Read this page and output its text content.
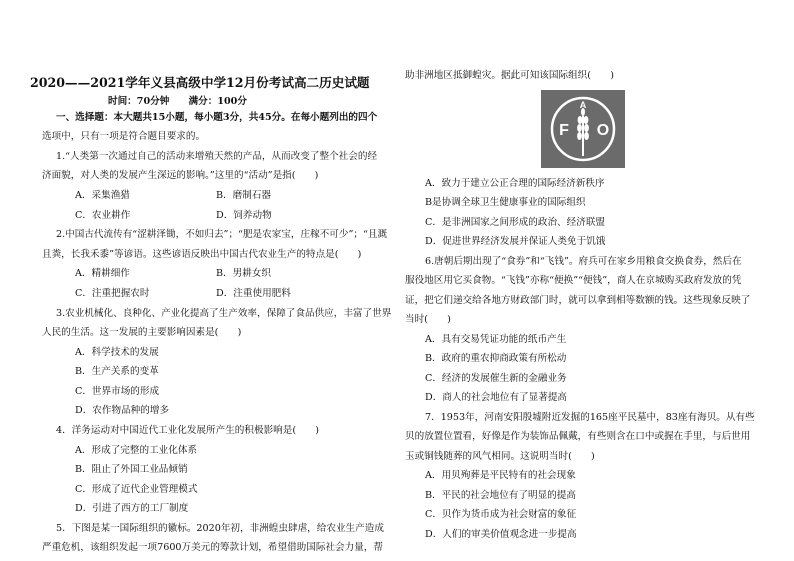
2020——2021学年义县高级中学12月份考试高二历史试题
时间：70分钟　　满分：100分
一、选择题：本大题共15小题，每小题3分，共45分。在每小题列出的四个
选项中，只有一项是符合题目要求的。
1.“人类第一次通过自己的活动来增殖天然的产品，从而改变了整个社会的经
济面貌，对人类的发展产生深远的影响。”这里的“活动”是指(　　)
A．采集渔猎	B．磨制石器
C．农业耕作	D．饲养动物
2.中国古代流传有“涩耕泽锄，不如归去”；“肥是农家宝，庄稼不可少”；“且溉
且粪，长我禾黍”等谚语。这些谚语反映出中国古代农业生产的特点是(　　)
A．精耕细作	B．男耕女织
C．注重把握农时	D．注重使用肥料
3.农业机械化、良种化、产业化提高了生产效率，保障了食品供应，丰富了世界
人民的生活。这一发展的主要影响因素是(　　)
A．科学技术的发展
B．生产关系的变革
C．世界市场的形成
D．农作物品种的增多
4．洋务运动对中国近代工业化发展所产生的积极影响是(　　)
A．形成了完整的工业化体系
B．阻止了外国工业品倾销
C．形成了近代企业管理模式
D．引进了西方的工厂制度
5．下图是某一国际组织的徽标。2020年初，非洲蝗虫肆虐，给农业生产造成
严重危机，该组织发起一项7600万美元的筹款计划，希望借助国际社会力量，帮
助非洲地区抵御蝗灾。据此可知该国际组织(　　)
F
A
O
A．致力于建立公正合理的国际经济新秩序
B是协调全球卫生健康事业的国际组织
C．是非洲国家之间形成的政治、经济联盟
D．促进世界经济发展并保证人类免于饥饿
6.唐朝后期出现了“食券”和“飞钱”。府兵可在家乡用粮食交换食券，然后在
服役地区用它买食物。“飞钱”亦称“便换”“便钱”，商人在京城购买政府发放的凭
证，把它们递交给各地方财政部门时，就可以拿到相等数额的钱。这些现象反映了
当时(　　)
A．具有交易凭证功能的纸币产生
B．政府的重农抑商政策有所松动
C．经济的发展催生新的金融业务
D．商人的社会地位有了显著提高
7．1953年，河南安阳殷墟附近发掘的165座平民墓中，83座有海贝。从有些
贝的放置位置看，好像是作为装饰品佩戴，有些则含在口中或握在手里，与后世用
玉或铜钱随葬的风气相同。这说明当时(　　)
A．用贝殉葬是平民特有的社会现象
B．平民的社会地位有了明显的提高
C．贝作为货币成为社会财富的象征
D．人们的审美价值观念进一步提高
